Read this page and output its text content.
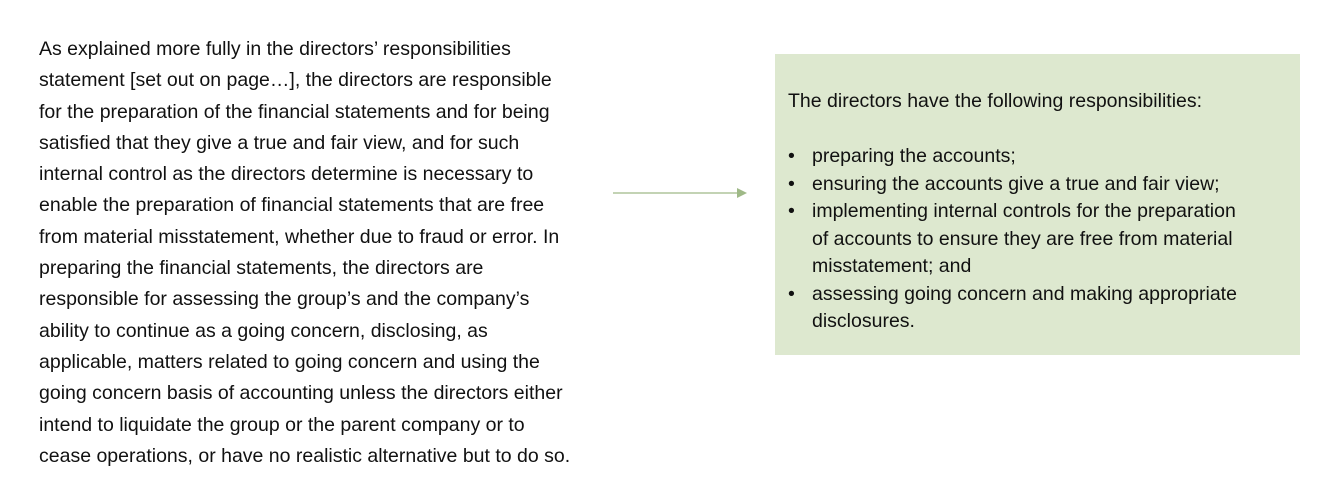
As explained more fully in the directors’ responsibilities
statement [set out on page…], the directors are responsible
for the preparation of the financial statements and for being
satisfied that they give a true and fair view, and for such
internal control as the directors determine is necessary to
enable the preparation of financial statements that are free
from material misstatement, whether due to fraud or error. In
preparing the financial statements, the directors are
responsible for assessing the group’s and the company’s
ability to continue as a going concern, disclosing, as
applicable, matters related to going concern and using the
going concern basis of accounting unless the directors either
intend to liquidate the group or the parent company or to
cease operations, or have no realistic alternative but to do so.
The directors have the following responsibilities:
• preparing the accounts;
• ensuring the accounts give a true and fair view;
• implementing internal controls for the preparation
of accounts to ensure they are free from material
misstatement; and
• assessing going concern and making appropriate
disclosures.
